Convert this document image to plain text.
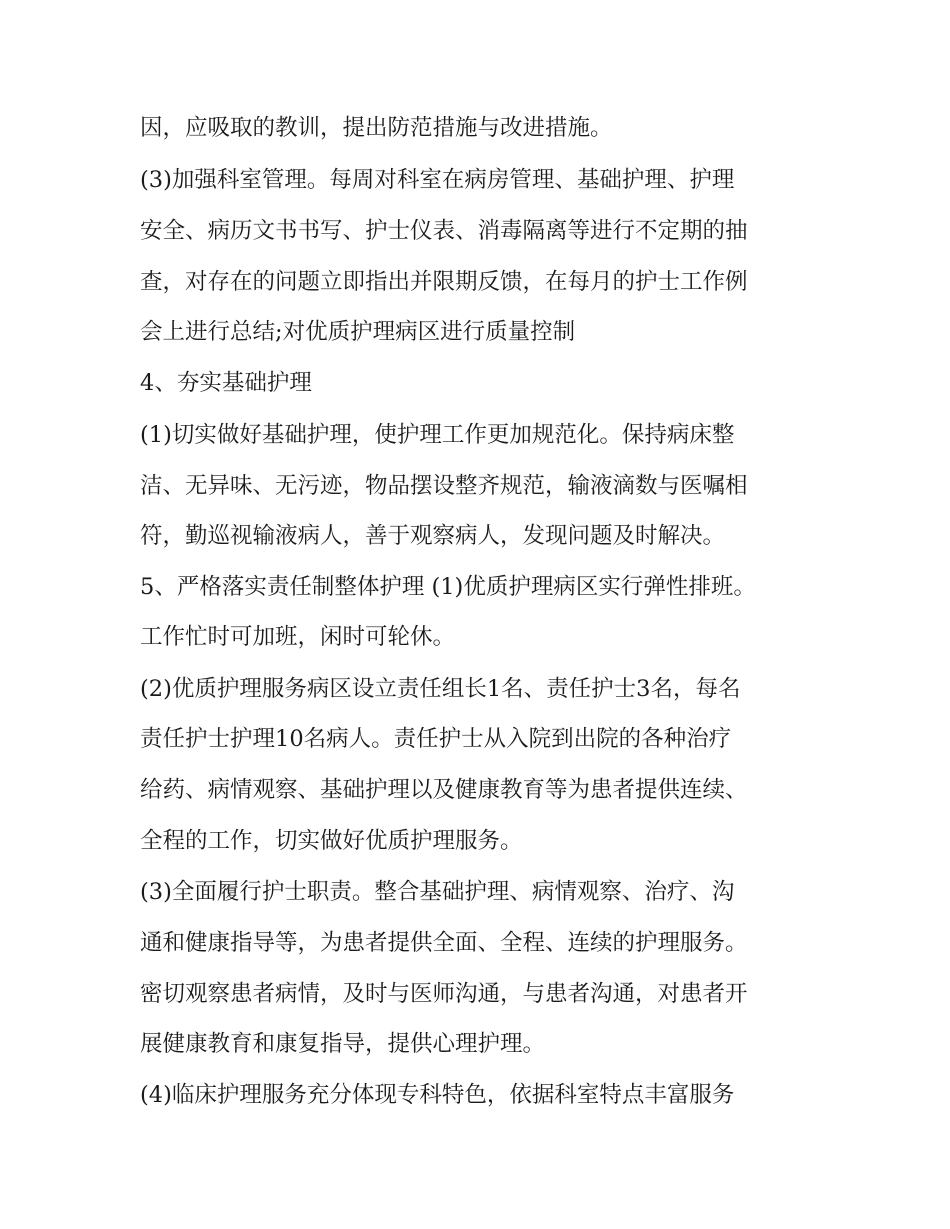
因，应吸取的教训，提出防范措施与改进措施。
(3)加强科室管理。每周对科室在病房管理、基础护理、护理
安全、病历文书书写、护士仪表、消毒隔离等进行不定期的抽
查，对存在的问题立即指出并限期反馈，在每月的护士工作例
会上进行总结;对优质护理病区进行质量控制
4、夯实基础护理
(1)切实做好基础护理，使护理工作更加规范化。保持病床整
洁、无异味、无污迹，物品摆设整齐规范，输液滴数与医嘱相
符，勤巡视输液病人，善于观察病人，发现问题及时解决。
5、严格落实责任制整体护理 (1)优质护理病区实行弹性排班。
工作忙时可加班，闲时可轮休。
(2)优质护理服务病区设立责任组长1名、责任护士3名，每名
责任护士护理10名病人。责任护士从入院到出院的各种治疗
给药、病情观察、基础护理以及健康教育等为患者提供连续、
全程的工作，切实做好优质护理服务。
(3)全面履行护士职责。整合基础护理、病情观察、治疗、沟
通和健康指导等，为患者提供全面、全程、连续的护理服务。
密切观察患者病情，及时与医师沟通，与患者沟通，对患者开
展健康教育和康复指导，提供心理护理。
(4)临床护理服务充分体现专科特色，依据科室特点丰富服务
